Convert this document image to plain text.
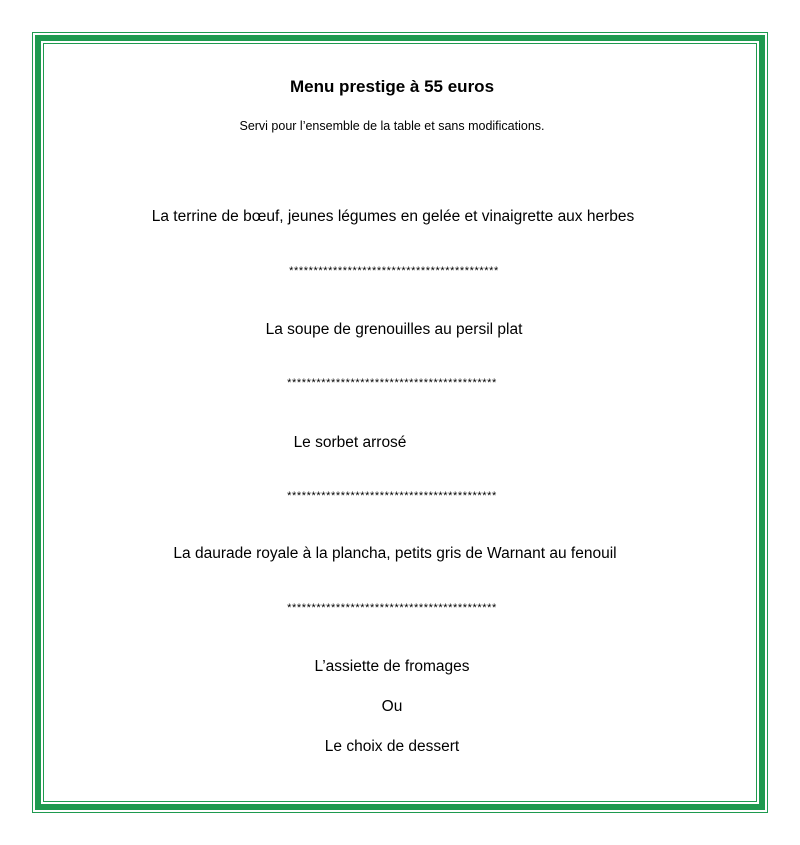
Menu prestige à 55 euros
Servi pour l’ensemble de la table et sans modifications.
La terrine de bœuf, jeunes légumes en gelée et vinaigrette aux herbes
*******************************************
La soupe de grenouilles au persil plat
*******************************************
Le sorbet arrosé
*******************************************
La daurade royale à la plancha, petits gris de Warnant au fenouil
*******************************************
L’assiette de fromages
Ou
Le choix de dessert
